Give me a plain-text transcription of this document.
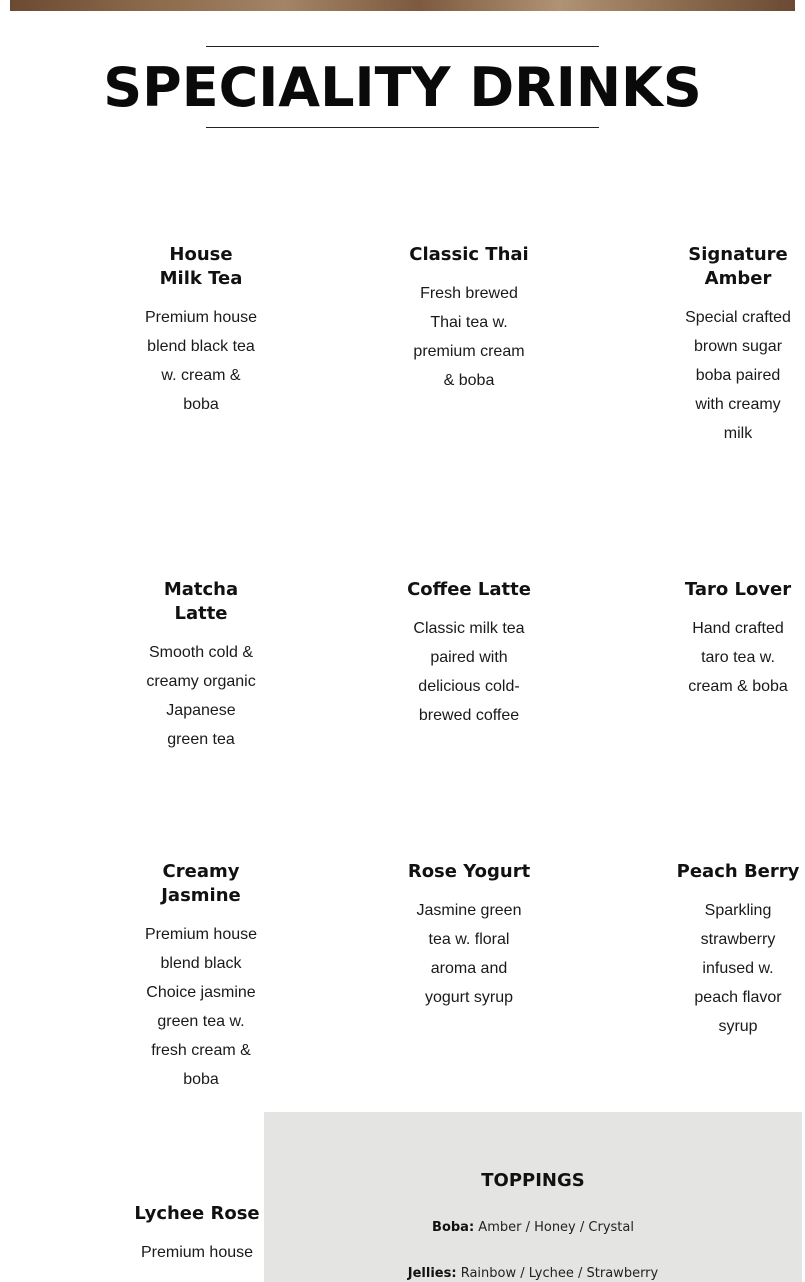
SPECIALITY DRINKS
House Milk Tea

Premium house blend black tea w. cream & boba

Classic Thai

Fresh brewed Thai tea w. premium cream & boba

Signature Amber

Special crafted brown sugar boba paired with creamy milk

Matcha Latte

Smooth cold & creamy organic Japanese green tea

Coffee Latte

Classic milk tea paired with delicious cold-brewed coffee

Taro Lover

Hand crafted taro tea w. cream & boba

Creamy Jasmine

Premium house blend black Choice jasmine green tea w. fresh cream & boba

Rose Yogurt

Jasmine green tea w. floral aroma and yogurt syrup

Peach Berry

Sparkling strawberry infused w. peach flavor syrup

Lychee Rose

Premium house

TOPPINGS
Boba: Amber / Honey / Crystal
Jellies: Rainbow / Lychee / Strawberry
